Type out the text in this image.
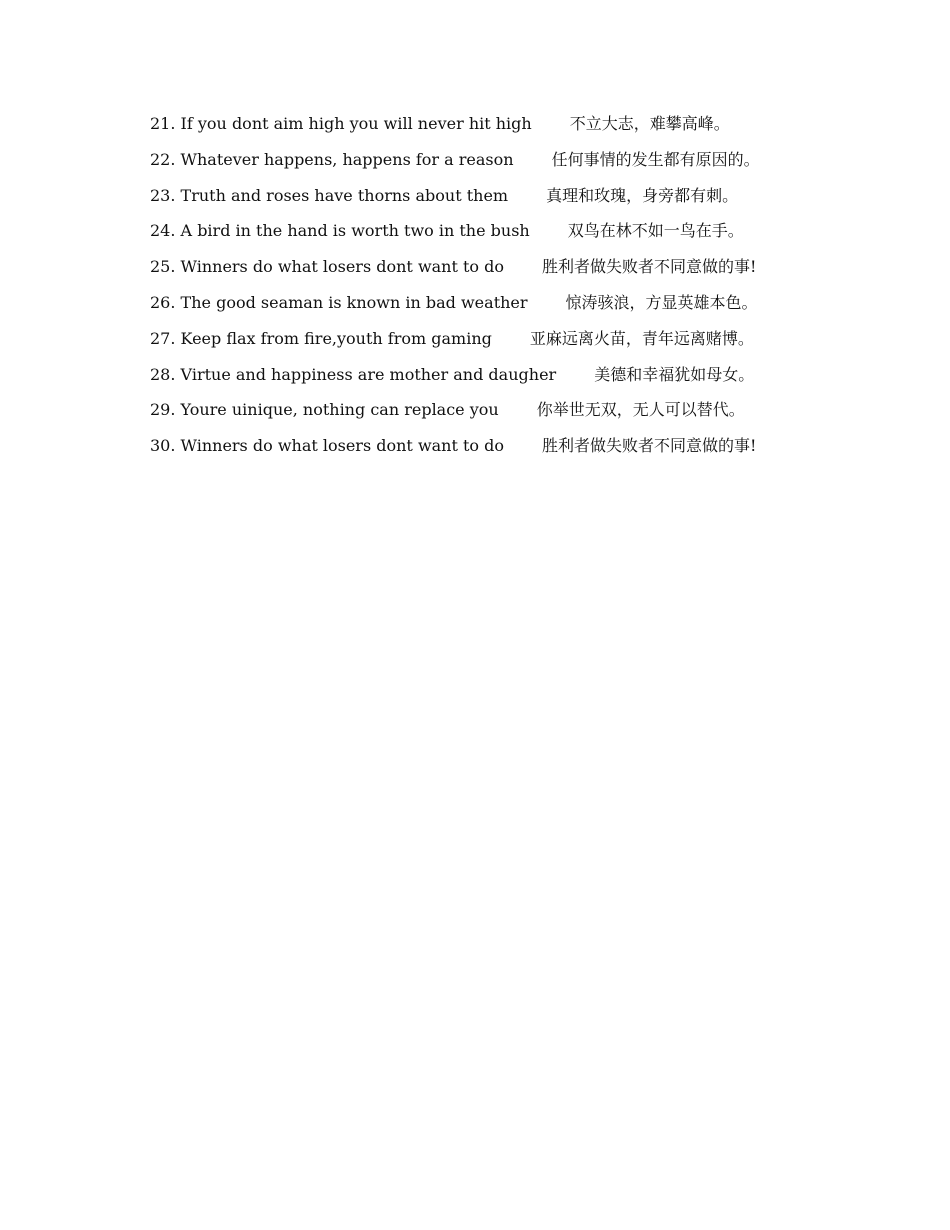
21. If you dont aim high you will never hit high 不立大志，难攀高峰。
22. Whatever happens, happens for a reason 任何事情的发生都有原因的。
23. Truth and roses have thorns about them 真理和玫瑰，身旁都有刺。
24. A bird in the hand is worth two in the bush 双鸟在林不如一鸟在手。
25. Winners do what losers dont want to do 胜利者做失败者不同意做的事!
26. The good seaman is known in bad weather 惊涛骇浪，方显英雄本色。
27. Keep flax from fire,youth from gaming 亚麻远离火苗，青年远离赌博。
28. Virtue and happiness are mother and daugher 美德和幸福犹如母女。
29. Youre uinique, nothing can replace you 你举世无双，无人可以替代。
30. Winners do what losers dont want to do 胜利者做失败者不同意做的事!
